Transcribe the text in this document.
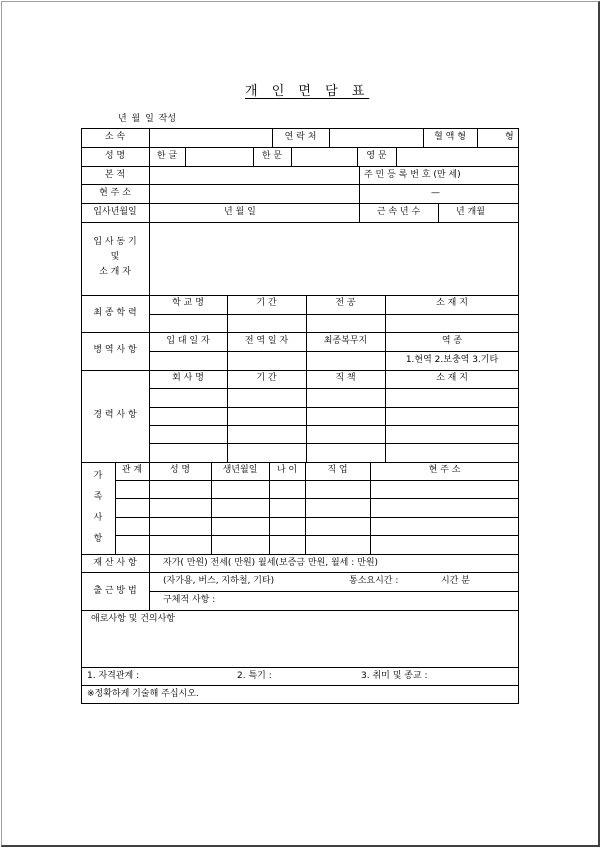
개 인 면 담 표
년 월 일 작성
소 속	연 락 처	혈 액 형	형
성 명	한 글	한 문	영 문
본 적	주 민 등 록 번 호 (만 세)
현 주 소	—
입사년월일	년 월 일	근 속 년 수	년 개월
입 사 동 기
및
소 개 자
최 종 학 력
학 교 명	기 간	전 공	소 재 지
병 역 사 항
입 대 일 자	전 역 일 자	최종복무지	역 종
1.현역 2.보충역 3.기타
경 력 사 항
회 사 명	기 간	직 책	소 재 지
가
족
사
항
관 계	성 명	생년월일	나 이	직 업	현 주 소
재 산 사 항	자가( 만원) 전세( 만원) 월세(보증금 만원, 월세 : 만원)
출 근 방 법
(자가용, 버스, 지하철, 기타)	통소요시간 :	시간 분
구체적 사항 :
애로사항 및 건의사항
1. 자격관계 :	2. 특기 :	3. 취미 및 종교 :
※정확하게 기술해 주십시오.
